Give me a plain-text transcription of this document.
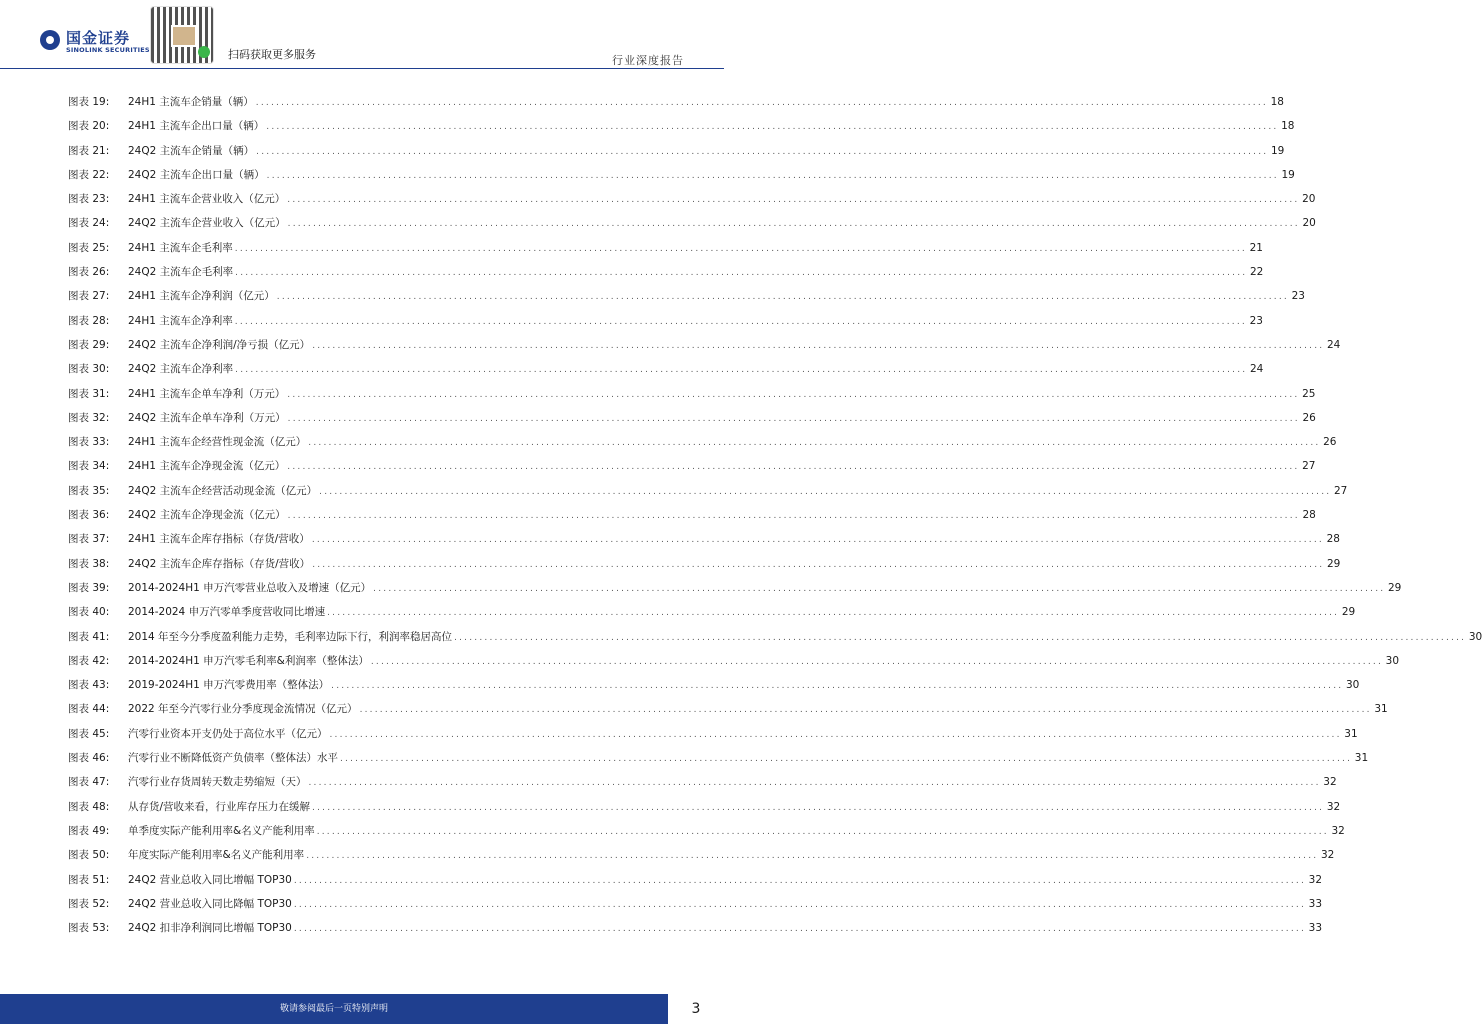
国金证券
SINOLINK SECURITIES	扫码获取更多服务	行业深度报告
图表 19:	24H1 主流车企销量（辆） ........................................................................................................................................................................................................ 18
图表 20:	24H1 主流车企出口量（辆） ........................................................................................................................................................................................................ 18
图表 21:	24Q2 主流车企销量（辆） ........................................................................................................................................................................................................ 19
图表 22:	24Q2 主流车企出口量（辆） ........................................................................................................................................................................................................ 19
图表 23:	24H1 主流车企营业收入（亿元） ........................................................................................................................................................................................................ 20
图表 24:	24Q2 主流车企营业收入（亿元） ........................................................................................................................................................................................................ 20
图表 25:	24H1 主流车企毛利率 ........................................................................................................................................................................................................ 21
图表 26:	24Q2 主流车企毛利率 ........................................................................................................................................................................................................ 22
图表 27:	24H1 主流车企净利润（亿元） ........................................................................................................................................................................................................ 23
图表 28:	24H1 主流车企净利率 ........................................................................................................................................................................................................ 23
图表 29:	24Q2 主流车企净利润/净亏损（亿元） ........................................................................................................................................................................................................ 24
图表 30:	24Q2 主流车企净利率 ........................................................................................................................................................................................................ 24
图表 31:	24H1 主流车企单车净利（万元） ........................................................................................................................................................................................................ 25
图表 32:	24Q2 主流车企单车净利（万元） ........................................................................................................................................................................................................ 26
图表 33:	24H1 主流车企经营性现金流（亿元） ........................................................................................................................................................................................................ 26
图表 34:	24H1 主流车企净现金流（亿元） ........................................................................................................................................................................................................ 27
图表 35:	24Q2 主流车企经营活动现金流（亿元） ........................................................................................................................................................................................................ 27
图表 36:	24Q2 主流车企净现金流（亿元） ........................................................................................................................................................................................................ 28
图表 37:	24H1 主流车企库存指标（存货/营收） ........................................................................................................................................................................................................ 28
图表 38:	24Q2 主流车企库存指标（存货/营收） ........................................................................................................................................................................................................ 29
图表 39:	2014-2024H1 申万汽零营业总收入及增速（亿元） ........................................................................................................................................................................................................ 29
图表 40:	2014-2024 申万汽零单季度营收同比增速 ........................................................................................................................................................................................................ 29
图表 41:	2014 年至今分季度盈利能力走势，毛利率边际下行，利润率稳居高位 ........................................................................................................................................................................................................ 30
图表 42:	2014-2024H1 申万汽零毛利率&利润率（整体法） ........................................................................................................................................................................................................ 30
图表 43:	2019-2024H1 申万汽零费用率（整体法） ........................................................................................................................................................................................................ 30
图表 44:	2022 年至今汽零行业分季度现金流情况（亿元） ........................................................................................................................................................................................................ 31
图表 45:	汽零行业资本开支仍处于高位水平（亿元） ........................................................................................................................................................................................................ 31
图表 46:	汽零行业不断降低资产负债率（整体法）水平 ........................................................................................................................................................................................................ 31
图表 47:	汽零行业存货周转天数走势缩短（天） ........................................................................................................................................................................................................ 32
图表 48:	从存货/营收来看，行业库存压力在缓解 ........................................................................................................................................................................................................ 32
图表 49:	单季度实际产能利用率&名义产能利用率 ........................................................................................................................................................................................................ 32
图表 50:	年度实际产能利用率&名义产能利用率 ........................................................................................................................................................................................................ 32
图表 51:	24Q2 营业总收入同比增幅 TOP30 ........................................................................................................................................................................................................ 32
图表 52:	24Q2 营业总收入同比降幅 TOP30 ........................................................................................................................................................................................................ 33
图表 53:	24Q2 扣非净利润同比增幅 TOP30 ........................................................................................................................................................................................................ 33
敬请参阅最后一页特别声明	3
